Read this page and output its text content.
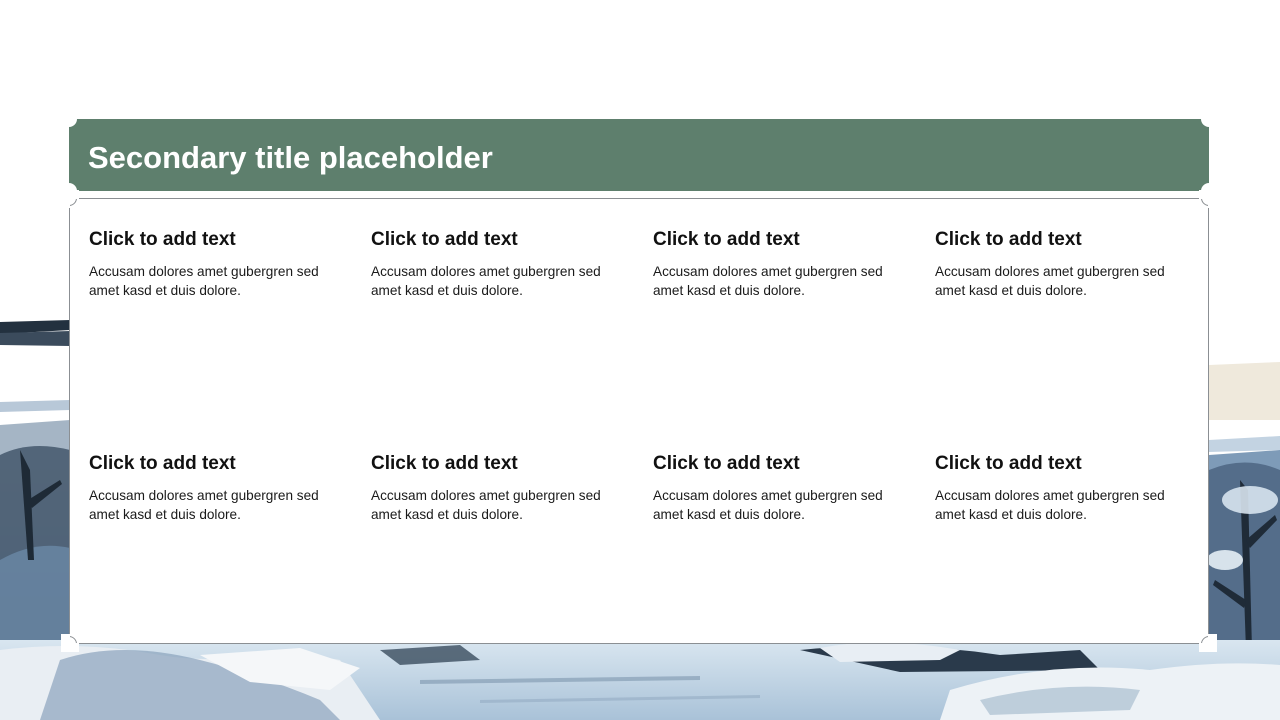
Secondary title placeholder
Click to add text
Accusam dolores amet gubergren sed amet kasd et duis dolore.
Click to add text
Accusam dolores amet gubergren sed amet kasd et duis dolore.
Click to add text
Accusam dolores amet gubergren sed amet kasd et duis dolore.
Click to add text
Accusam dolores amet gubergren sed amet kasd et duis dolore.
Click to add text
Accusam dolores amet gubergren sed amet kasd et duis dolore.
Click to add text
Accusam dolores amet gubergren sed amet kasd et duis dolore.
Click to add text
Accusam dolores amet gubergren sed amet kasd et duis dolore.
Click to add text
Accusam dolores amet gubergren sed amet kasd et duis dolore.
